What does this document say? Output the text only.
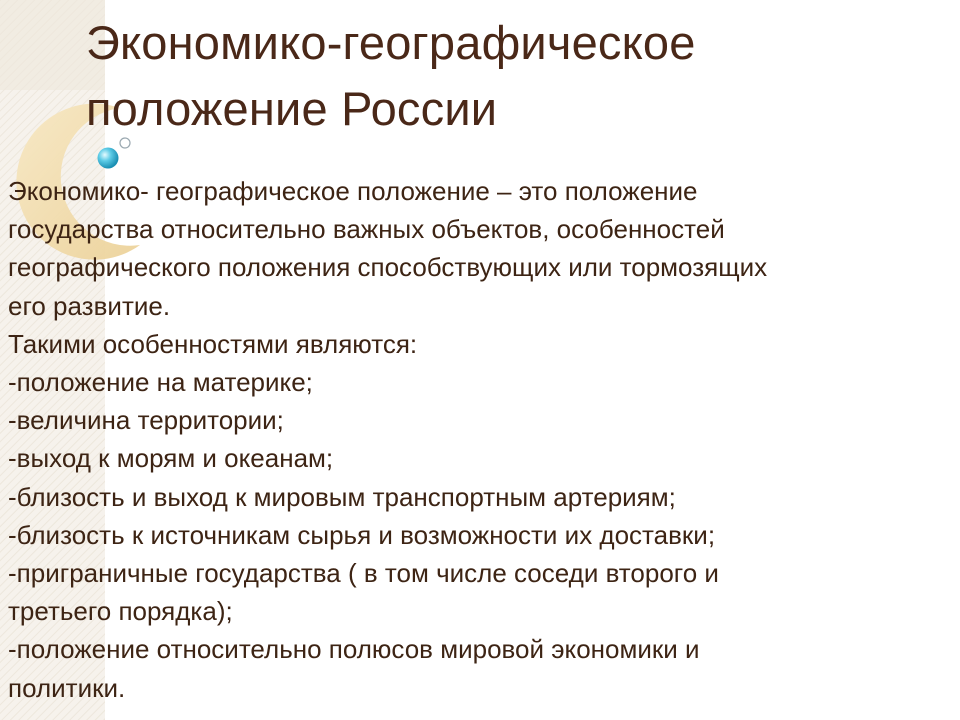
Экономико-географическое
положение России
Экономико- географическое положение – это положение
государства относительно важных объектов, особенностей
географического положения способствующих или тормозящих
его развитие.
Такими особенностями являются:
-положение на материке;
-величина территории;
-выход к морям и океанам;
-близость и выход к мировым транспортным артериям;
-близость к источникам сырья и возможности их доставки;
-приграничные государства ( в том числе соседи второго и
третьего порядка);
-положение относительно полюсов мировой экономики и
политики.
